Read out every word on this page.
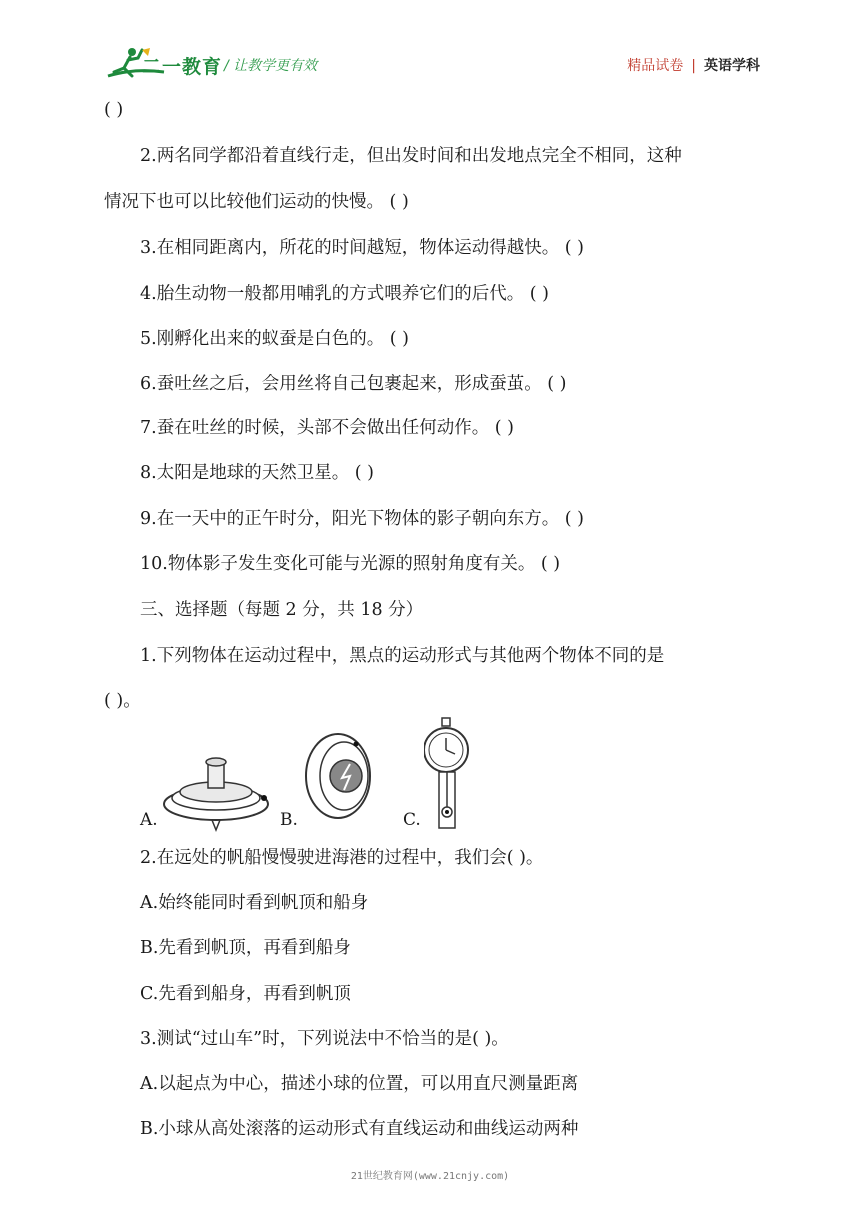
二一教育 / 让教学更有效	精品试卷 | 英语学科
( )
2.两名同学都沿着直线行走，但出发时间和出发地点完全不相同，这种
情况下也可以比较他们运动的快慢。 ( )
3.在相同距离内，所花的时间越短，物体运动得越快。 ( )
4.胎生动物一般都用哺乳的方式喂养它们的后代。 ( )
5.刚孵化出来的蚁蚕是白色的。 ( )
6.蚕吐丝之后，会用丝将自己包裹起来，形成蚕茧。 ( )
7.蚕在吐丝的时候，头部不会做出任何动作。 ( )
8.太阳是地球的天然卫星。 ( )
9.在一天中的正午时分，阳光下物体的影子朝向东方。 ( )
10.物体影子发生变化可能与光源的照射角度有关。 ( )
三、选择题（每题 2 分，共 18 分）
1.下列物体在运动过程中，黑点的运动形式与其他两个物体不同的是
( )。
A.	B.	C.
2.在远处的帆船慢慢驶进海港的过程中，我们会( )。
A.始终能同时看到帆顶和船身
B.先看到帆顶，再看到船身
C.先看到船身，再看到帆顶
3.测试“过山车”时，下列说法中不恰当的是( )。
A.以起点为中心，描述小球的位置，可以用直尺测量距离
B.小球从高处滚落的运动形式有直线运动和曲线运动两种
21世纪教育网(www.21cnjy.com)
